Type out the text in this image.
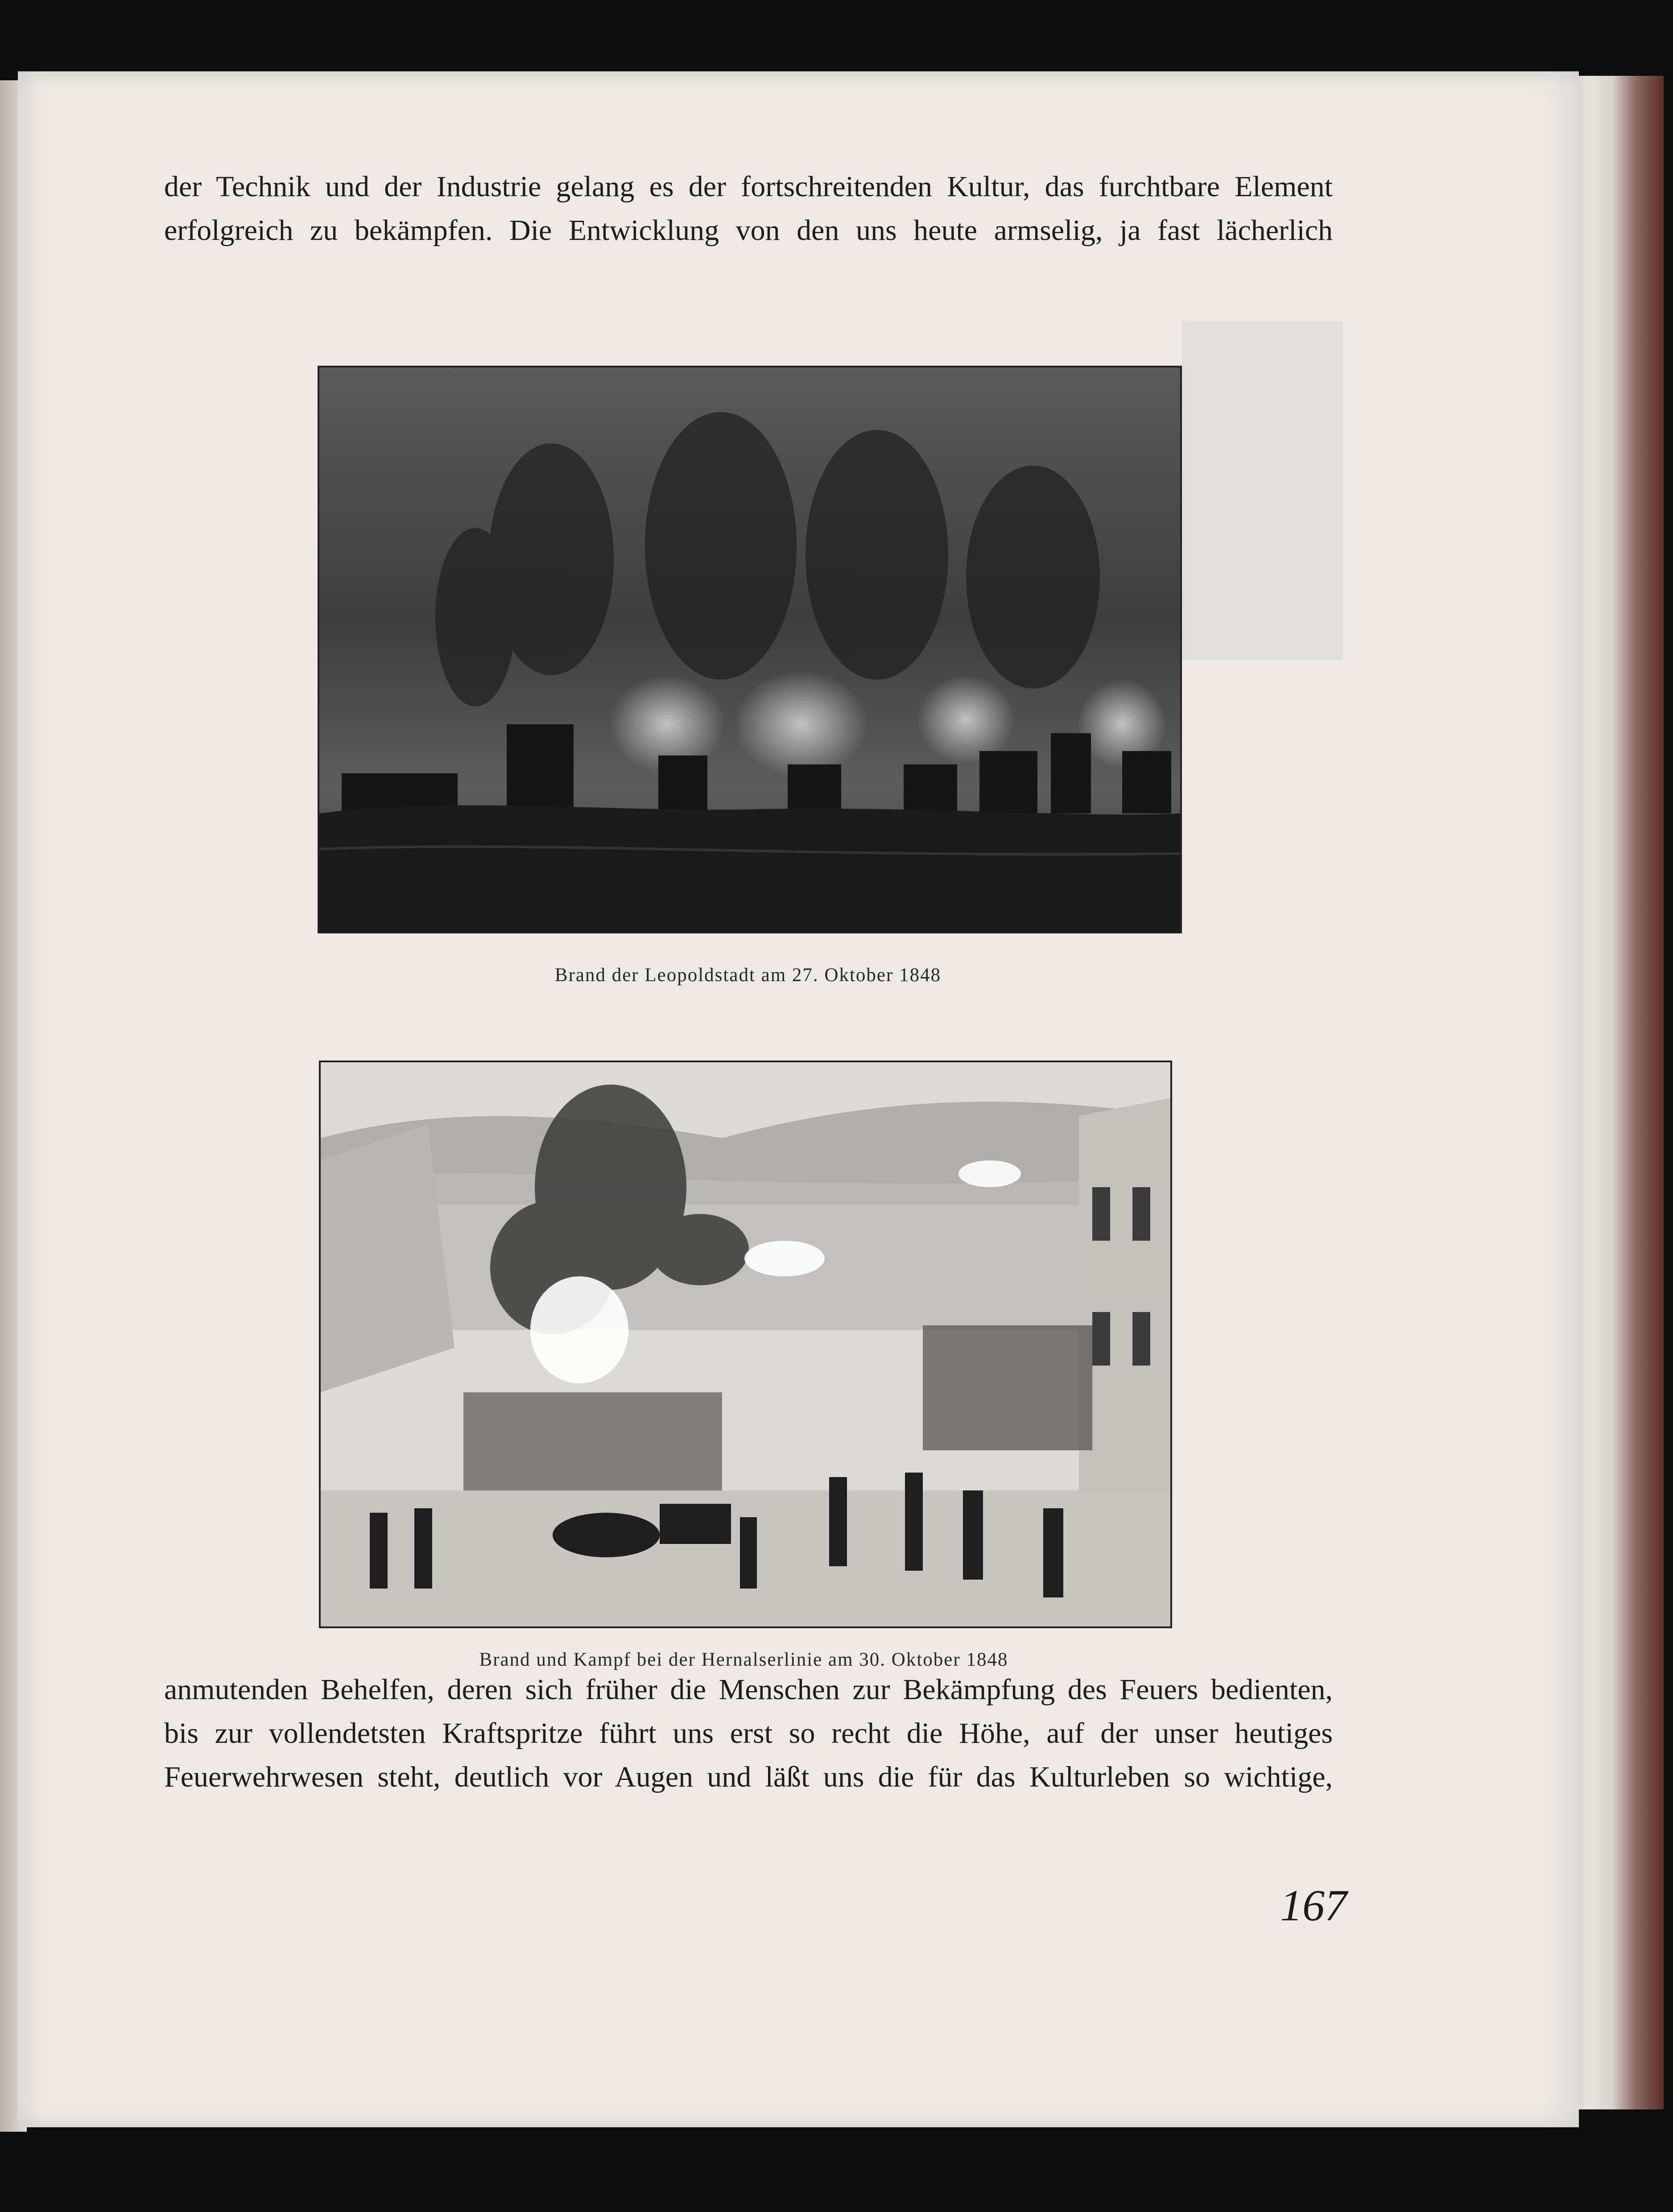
der Technik und der Industrie gelang es der fortschreitenden Kultur, das furchtbare Element

erfolgreich zu bekämpfen. Die Entwicklung von den uns heute armselig, ja fast lächerlich

Brand der Leopoldstadt am 27. Oktober 1848
Brand und Kampf bei der Hernalserlinie am 30. Oktober 1848

anmutenden Behelfen, deren sich früher die Menschen zur Bekämpfung des Feuers bedienten,

bis zur vollendetsten Kraftspritze führt uns erst so recht die Höhe, auf der unser heutiges

Feuerwehrwesen steht, deutlich vor Augen und läßt uns die für das Kulturleben so wichtige,

167
